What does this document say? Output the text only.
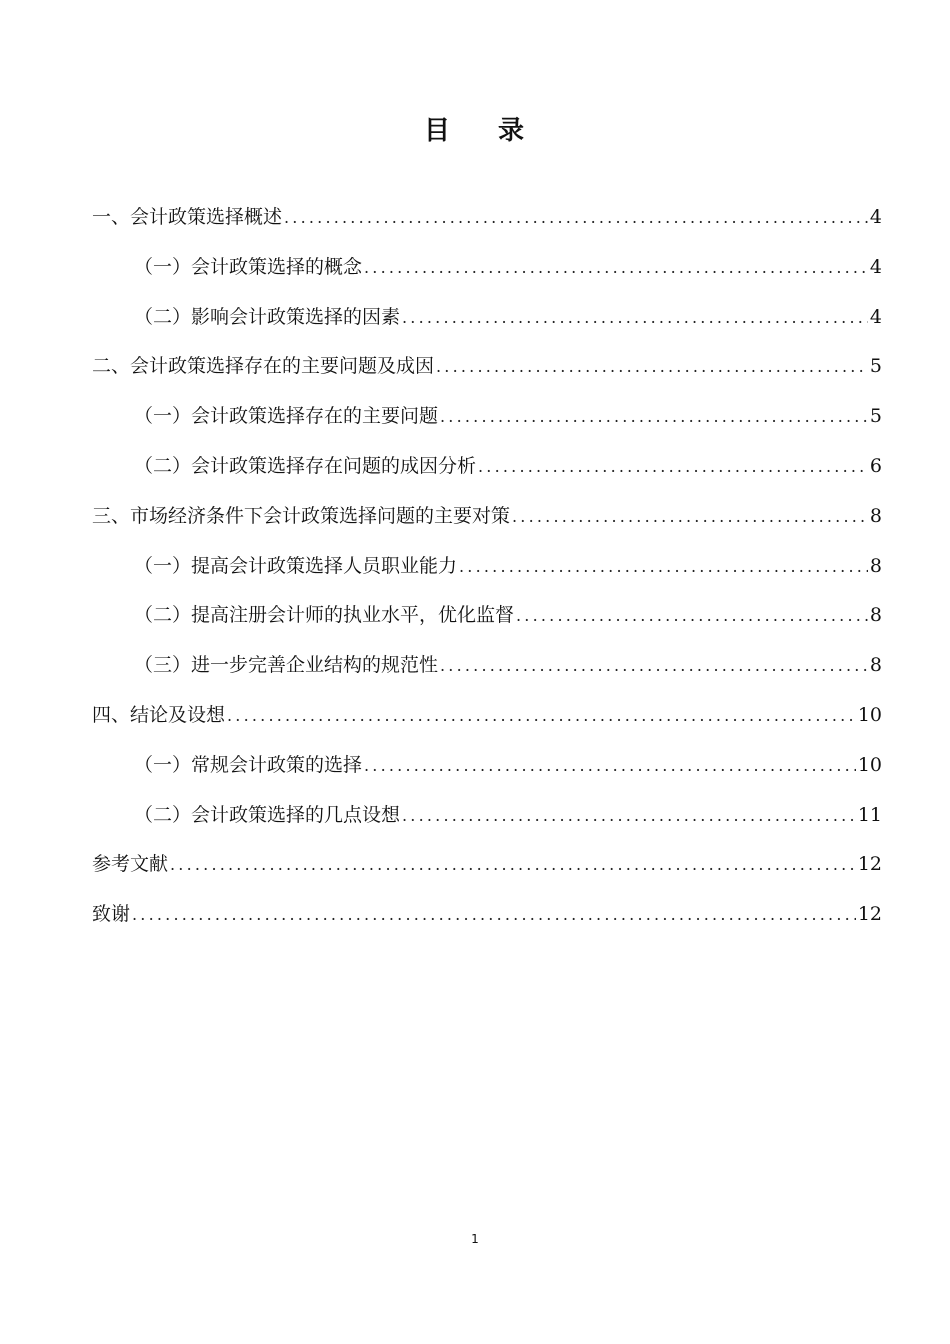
目 录
一、会计政策选择概述 .....	4
（一）会计政策选择的概念 .....	4
（二）影响会计政策选择的因素 .....	4
二、会计政策选择存在的主要问题及成因 .....	5
（一）会计政策选择存在的主要问题 .....	5
（二）会计政策选择存在问题的成因分析 .....	6
三、市场经济条件下会计政策选择问题的主要对策 .....	8
（一）提高会计政策选择人员职业能力 .....	8
（二）提高注册会计师的执业水平，优化监督 .....	8
（三）进一步完善企业结构的规范性 .....	8
四、结论及设想 .....	10
（一）常规会计政策的选择 .....	10
（二）会计政策选择的几点设想 .....	11
参考文献 .....	12
致谢 .....	12
1
